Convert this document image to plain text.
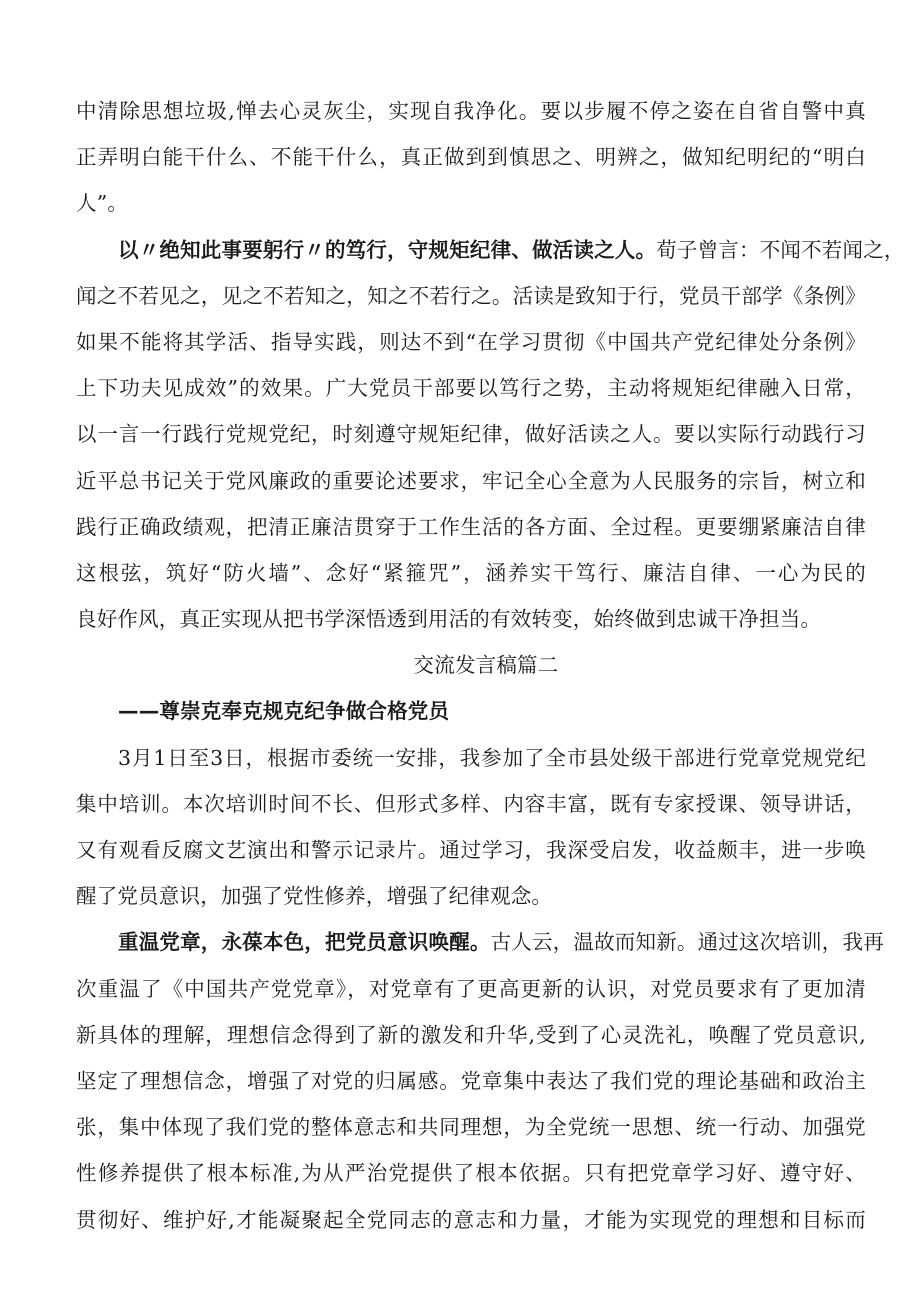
中清除思想垃圾,惮去心灵灰尘，实现自我净化。要以步履不停之姿在自省自警中真
正弄明白能干什么、不能干什么，真正做到到慎思之、明辨之，做知纪明纪的“明白
人”。
以〃绝知此事要躬行〃的笃行，守规矩纪律、做活读之人。荀子曾言：不闻不若闻之，
闻之不若见之，见之不若知之，知之不若行之。活读是致知于行，党员干部学《条例》
如果不能将其学活、指导实践，则达不到“在学习贯彻《中国共产党纪律处分条例》
上下功夫见成效”的效果。广大党员干部要以笃行之势，主动将规矩纪律融入日常，
以一言一行践行党规党纪，时刻遵守规矩纪律，做好活读之人。要以实际行动践行习
近平总书记关于党风廉政的重要论述要求，牢记全心全意为人民服务的宗旨，树立和
践行正确政绩观，把清正廉洁贯穿于工作生活的各方面、全过程。更要绷紧廉洁自律
这根弦，筑好“防火墙”、念好“紧箍咒”，涵养实干笃行、廉洁自律、一心为民的
良好作风，真正实现从把书学深悟透到用活的有效转变，始终做到忠诚干净担当。
交流发言稿篇二
——尊崇克奉克规克纪争做合格党员
3月1日至3日，根据市委统一安排，我参加了全市县处级干部进行党章党规党纪
集中培训。本次培训时间不长、但形式多样、内容丰富，既有专家授课、领导讲话，
又有观看反腐文艺演出和警示记录片。通过学习，我深受启发，收益颇丰，进一步唤
醒了党员意识，加强了党性修养，增强了纪律观念。
重温党章，永葆本色，把党员意识唤醒。古人云，温故而知新。通过这次培训，我再
次重温了《中国共产党党章》，对党章有了更高更新的认识，对党员要求有了更加清
新具体的理解，理想信念得到了新的激发和升华,受到了心灵洗礼，唤醒了党员意识,
坚定了理想信念，增强了对党的归属感。党章集中表达了我们党的理论基础和政治主
张，集中体现了我们党的整体意志和共同理想，为全党统一思想、统一行动、加强党
性修养提供了根本标准,为从严治党提供了根本依据。只有把党章学习好、遵守好、
贯彻好、维护好,才能凝聚起全党同志的意志和力量，才能为实现党的理想和目标而
